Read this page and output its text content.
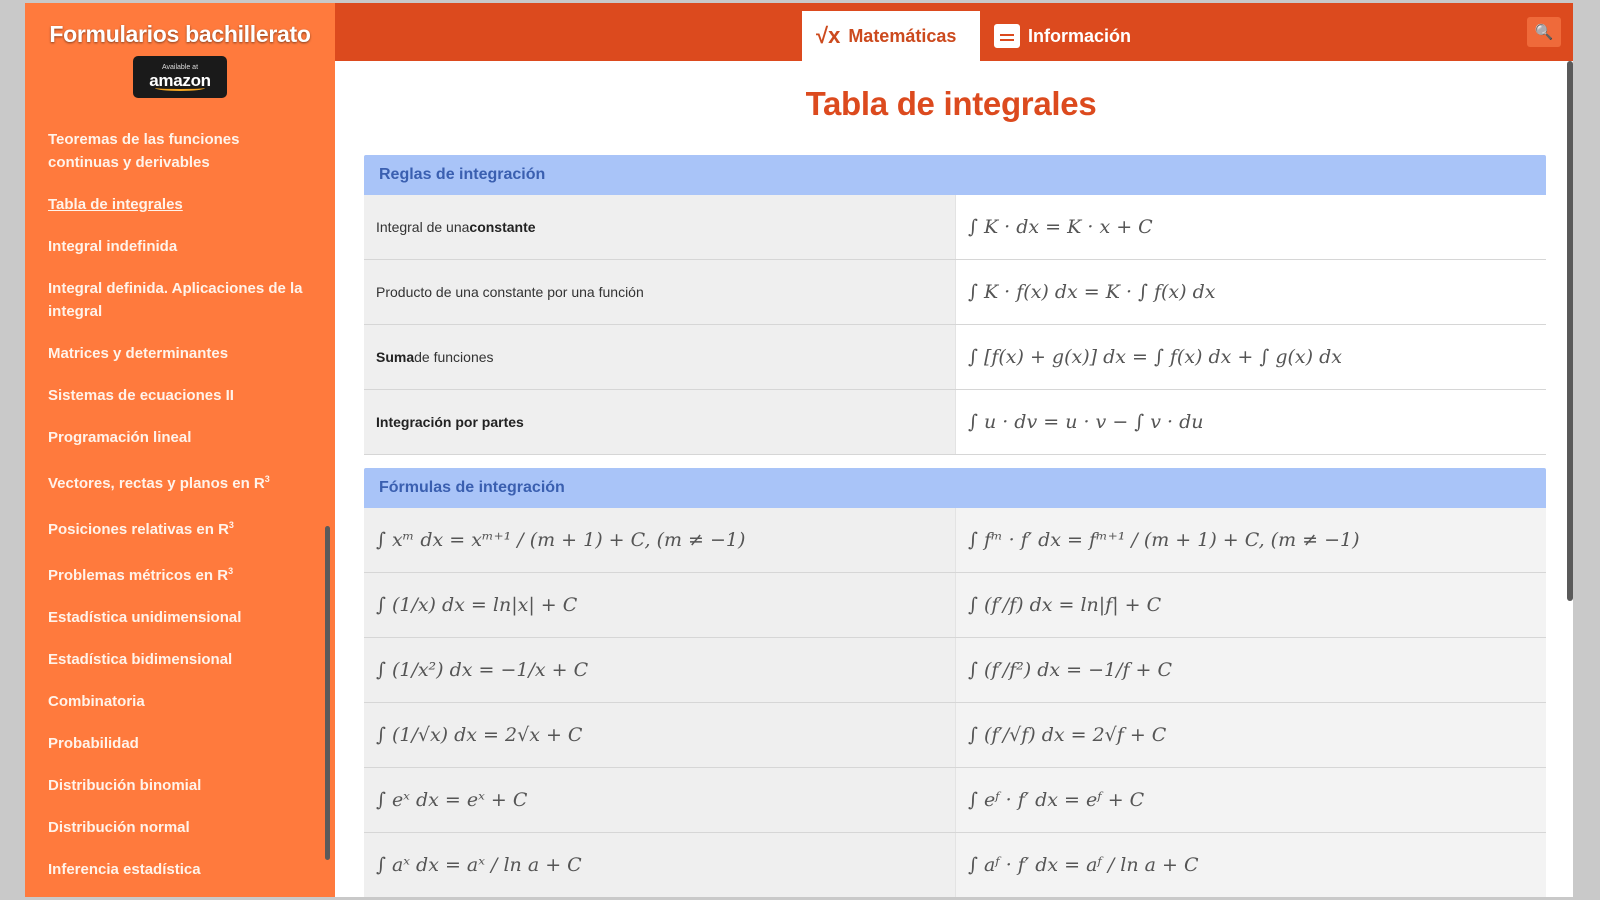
Formularios bachillerato
Available at
amazon
Teoremas de las funciones continuas y derivables
Tabla de integrales
Integral indefinida
Integral definida. Aplicaciones de la integral
Matrices y determinantes
Sistemas de ecuaciones II
Programación lineal
Vectores, rectas y planos en $R^3$
Posiciones relativas en $R^3$
Problemas métricos en $R^3$
Estadística unidimensional
Estadística bidimensional
Combinatoria
Probabilidad
Distribución binomial
Distribución normal
Inferencia estadística
√x Matemáticas	Información	🔍
Tabla de integrales
Reglas de integración
Integral de una constante	∫ K · dx = K · x + C
Producto de una constante por una función	∫ K · f(x) dx = K · ∫ f(x) dx
Suma de funciones	∫ [f(x) + g(x)] dx = ∫ f(x) dx + ∫ g(x) dx
Integración por partes	∫ u · dv = u · v − ∫ v · du
Fórmulas de integración
∫ xᵐ dx = xᵐ⁺¹ / (m + 1) + C, (m ≠ −1)	∫ fᵐ · f′ dx = fᵐ⁺¹ / (m + 1) + C, (m ≠ −1)
∫ (1/x) dx = ln|x| + C	∫ (f′/f) dx = ln|f| + C
∫ (1/x²) dx = −1/x + C	∫ (f′/f²) dx = −1/f + C
∫ (1/√x) dx = 2√x + C	∫ (f′/√f) dx = 2√f + C
∫ eˣ dx = eˣ + C	∫ eᶠ · f′ dx = eᶠ + C
∫ aˣ dx = aˣ / ln a + C	∫ aᶠ · f′ dx = aᶠ / ln a + C
